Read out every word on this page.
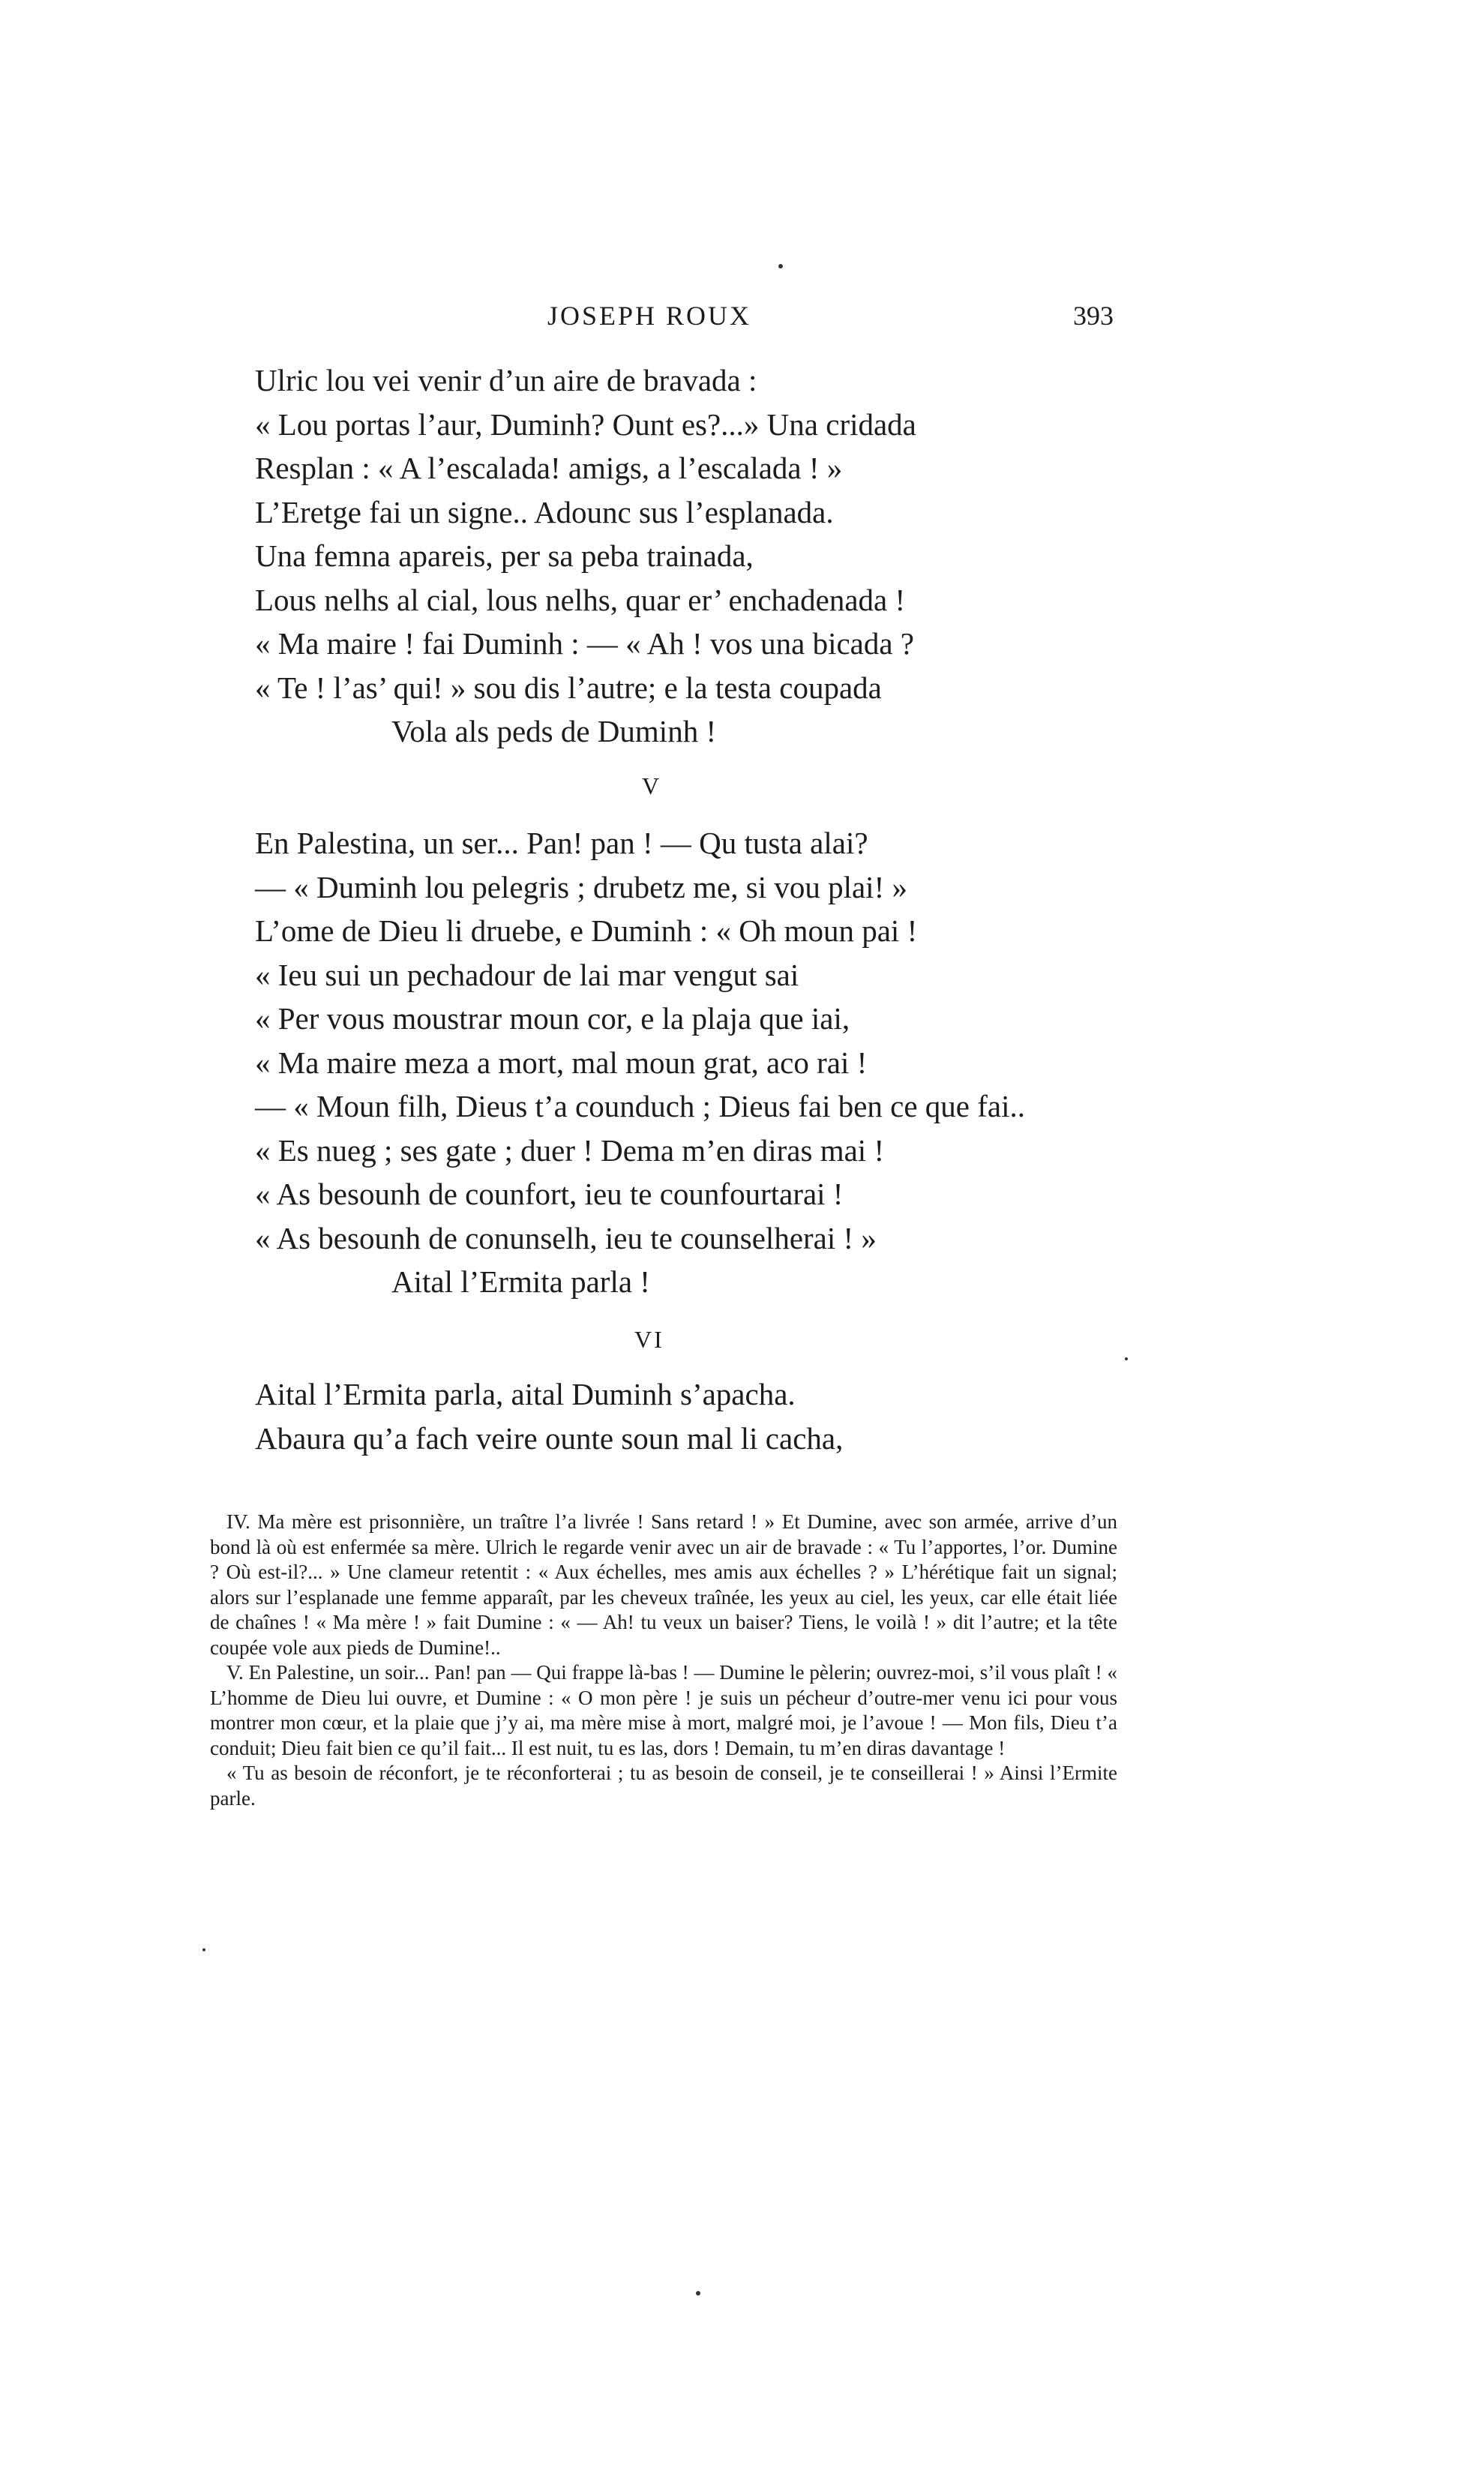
JOSEPH ROUX	393
Ulric lou vei venir d’un aire de bravada :
« Lou portas l’aur, Duminh? Ount es?...» Una cridada
Resplan : « A l’escalada! amigs, a l’escalada ! »
L’Eretge fai un signe.. Adounc sus l’esplanada.
Una femna apareis, per sa peba trainada,
Lous nelhs al cial, lous nelhs, quar er’ enchadenada !
« Ma maire ! fai Duminh : — « Ah ! vos una bicada ?
« Te ! l’as’ qui! » sou dis l’autre; e la testa coupada
Vola als peds de Duminh !
V
En Palestina, un ser... Pan! pan ! — Qu tusta alai?
— « Duminh lou pelegris ; drubetz me, si vou plai! »
L’ome de Dieu li druebe, e Duminh : « Oh moun pai !
« Ieu sui un pechadour de lai mar vengut sai
« Per vous moustrar moun cor, e la plaja que iai,
« Ma maire meza a mort, mal moun grat, aco rai !
— « Moun filh, Dieus t’a counduch ; Dieus fai ben ce que fai..
« Es nueg ; ses gate ; duer ! Dema m’en diras mai !
« As besounh de counfort, ieu te counfourtarai !
« As besounh de conunselh, ieu te counselherai ! »
Aital l’Ermita parla !
VI
Aital l’Ermita parla, aital Duminh s’apacha.
Abaura qu’a fach veire ounte soun mal li cacha,

IV. Ma mère est prisonnière, un traître l’a livrée ! Sans retard ! » Et Dumine, avec son armée, arrive d’un bond là où est enfermée sa mère. Ulrich le regarde venir avec un air de bravade : « Tu l’apportes, l’or. Dumine ? Où est-il?... » Une clameur retentit : « Aux échelles, mes amis aux échelles ? » L’hérétique fait un signal; alors sur l’esplanade une femme apparaît, par les cheveux traînée, les yeux au ciel, les yeux, car elle était liée de chaînes ! « Ma mère ! » fait Dumine : « — Ah! tu veux un baiser? Tiens, le voilà ! » dit l’autre; et la tête coupée vole aux pieds de Dumine!..

V. En Palestine, un soir... Pan! pan — Qui frappe là-bas ! — Dumine le pèlerin; ouvrez-moi, s’il vous plaît ! « L’homme de Dieu lui ouvre, et Dumine : « O mon père ! je suis un pécheur d’outre-mer venu ici pour vous montrer mon cœur, et la plaie que j’y ai, ma mère mise à mort, malgré moi, je l’avoue ! — Mon fils, Dieu t’a conduit; Dieu fait bien ce qu’il fait... Il est nuit, tu es las, dors ! Demain, tu m’en diras davantage !

« Tu as besoin de réconfort, je te réconforterai ; tu as besoin de conseil, je te conseillerai ! » Ainsi l’Ermite parle.
